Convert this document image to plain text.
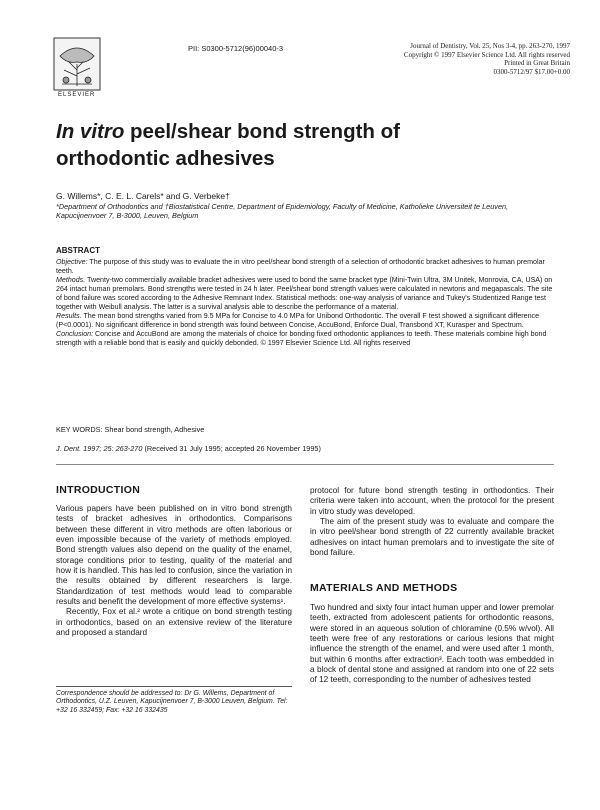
ELSEVIER
PII: S0300-5712(96)00040-3	Journal of Dentistry, Vol. 25, Nos 3-4, pp. 263-270, 1997
Copyright © 1997 Elsevier Science Ltd. All rights reserved
Printed in Great Britain
0300-5712/97 $17.00+0.00
In vitro peel/shear bond strength of
orthodontic adhesives
G. Willems*, C. E. L. Carels* and G. Verbeke†
*Department of Orthodontics and †Biostatistical Centre, Department of Epidemiology, Faculty of Medicine, Katholieke Universiteit te Leuven, Kapucijnenvoer 7, B-3000, Leuven, Belgium
ABSTRACT

Objective: The purpose of this study was to evaluate the in vitro peel/shear bond strength of a selection of orthodontic bracket adhesives to human premolar teeth.

Methods. Twenty-two commercially available bracket adhesives were used to bond the same bracket type (Mini-Twin Ultra, 3M Unitek, Monrovia, CA, USA) on 264 intact human premolars. Bond strengths were tested in 24 h later. Peel/shear bond strength values were calculated in newtons and megapascals. The site of bond failure was scored according to the Adhesive Remnant Index. Statistical methods: one-way analysis of variance and Tukey's Studentized Range test together with Weibull analysis. The latter is a survival analysis able to describe the performance of a material.

Results. The mean bond strengths varied from 9.5 MPa for Concise to 4.0 MPa for Unibond Orthodontic. The overall F test showed a significant difference (P<0.0001). No significant difference in bond strength was found between Concise, AccuBond, Enforce Dual, Transbond XT, Kurasper and Spectrum.

Conclusion: Concise and AccuBond are among the materials of choice for bonding fixed orthodontic appliances to teeth. These materials combine high bond strength with a reliable bond that is easily and quickly debonded. © 1997 Elsevier Science Ltd. All rights reserved

KEY WORDS: Shear bond strength, Adhesive
J. Dent. 1997; 25: 263-270 (Received 31 July 1995; accepted 26 November 1995)
INTRODUCTION

Various papers have been published on in vitro bond strength tests of bracket adhesives in orthodontics. Comparisons between these different in vitro methods are often laborious or even impossible because of the variety of methods employed. Bond strength values also depend on the quality of the enamel, storage conditions prior to testing, quality of the material and how it is handled. This has led to confusion, since the variation in the results obtained by different researchers is large. Standardization of test methods would lead to comparable results and benefit the development of more effective systems¹.

Recently, Fox et al.² wrote a critique on bond strength testing in orthodontics, based on an extensive review of the literature and proposed a standard

Correspondence should be addressed to: Dr G. Willems, Department of Orthodontics, U.Z. Leuven, Kapucijnenvoer 7, B-3000 Leuven, Belgium. Tel: +32 16 332459; Fax: +32 16 332435

protocol for future bond strength testing in orthodontics. Their criteria were taken into account, when the protocol for the present in vitro study was developed.

The aim of the present study was to evaluate and compare the in vitro peel/shear bond strength of 22 currently available bracket adhesives on intact human premolars and to investigate the site of bond failure.

MATERIALS AND METHODS

Two hundred and sixty four intact human upper and lower premolar teeth, extracted from adolescent patients for orthodontic reasons, were stored in an aqueous solution of chloramine (0.5% w/vol). All teeth were free of any restorations or carious lesions that might influence the strength of the enamel, and were used after 1 month, but within 6 months after extraction³. Each tooth was embedded in a block of dental stone and assigned at random into one of 22 sets of 12 teeth, corresponding to the number of adhesives tested
